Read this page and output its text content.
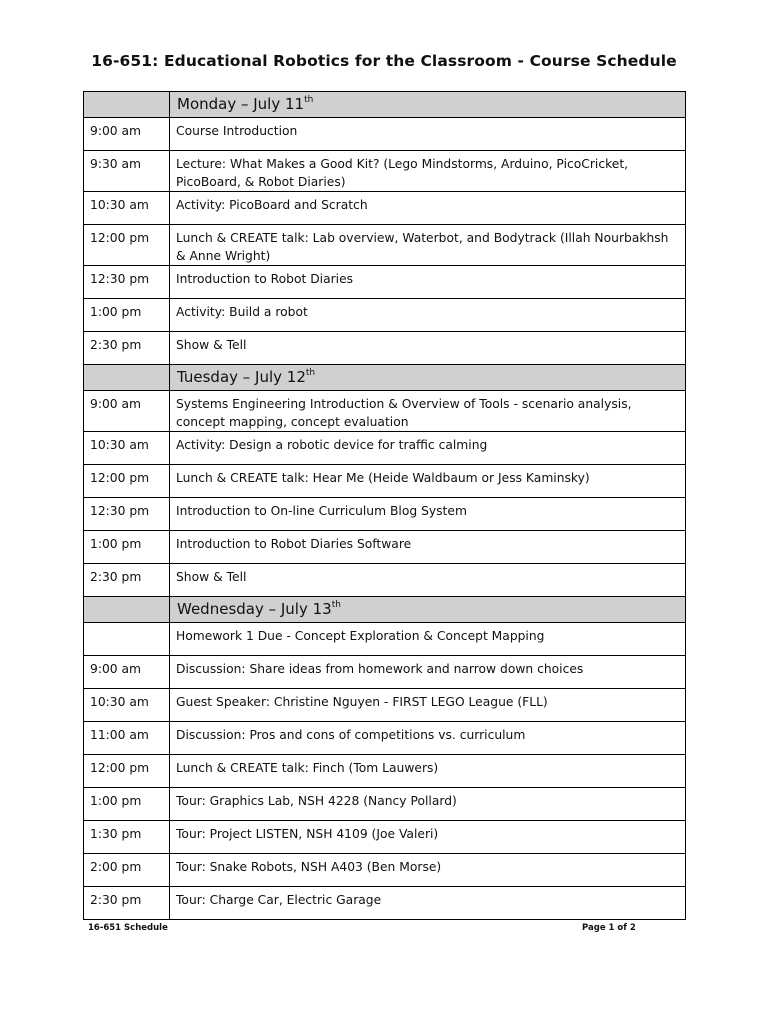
16-651: Educational Robotics for the Classroom - Course Schedule
	Monday – July 11th
9:00 am	Course Introduction
9:30 am	Lecture: What Makes a Good Kit? (Lego Mindstorms, Arduino, PicoCricket, PicoBoard, & Robot Diaries)
10:30 am	Activity: PicoBoard and Scratch
12:00 pm	Lunch & CREATE talk: Lab overview, Waterbot, and Bodytrack (Illah Nourbakhsh & Anne Wright)
12:30 pm	Introduction to Robot Diaries
1:00 pm	Activity: Build a robot
2:30 pm	Show & Tell
	Tuesday – July 12th
9:00 am	Systems Engineering Introduction & Overview of Tools - scenario analysis, concept mapping, concept evaluation
10:30 am	Activity: Design a robotic device for traffic calming
12:00 pm	Lunch & CREATE talk: Hear Me (Heide Waldbaum or Jess Kaminsky)
12:30 pm	Introduction to On-line Curriculum Blog System
1:00 pm	Introduction to Robot Diaries Software
2:30 pm	Show & Tell
	Wednesday – July 13th
	Homework 1 Due - Concept Exploration & Concept Mapping
9:00 am	Discussion: Share ideas from homework and narrow down choices
10:30 am	Guest Speaker: Christine Nguyen - FIRST LEGO League (FLL)
11:00 am	Discussion: Pros and cons of competitions vs. curriculum
12:00 pm	Lunch & CREATE talk: Finch (Tom Lauwers)
1:00 pm	Tour: Graphics Lab, NSH 4228 (Nancy Pollard)
1:30 pm	Tour: Project LISTEN, NSH 4109 (Joe Valeri)
2:00 pm	Tour: Snake Robots, NSH A403 (Ben Morse)
2:30 pm	Tour: Charge Car, Electric Garage
16-651 Schedule	Page 1 of 2
